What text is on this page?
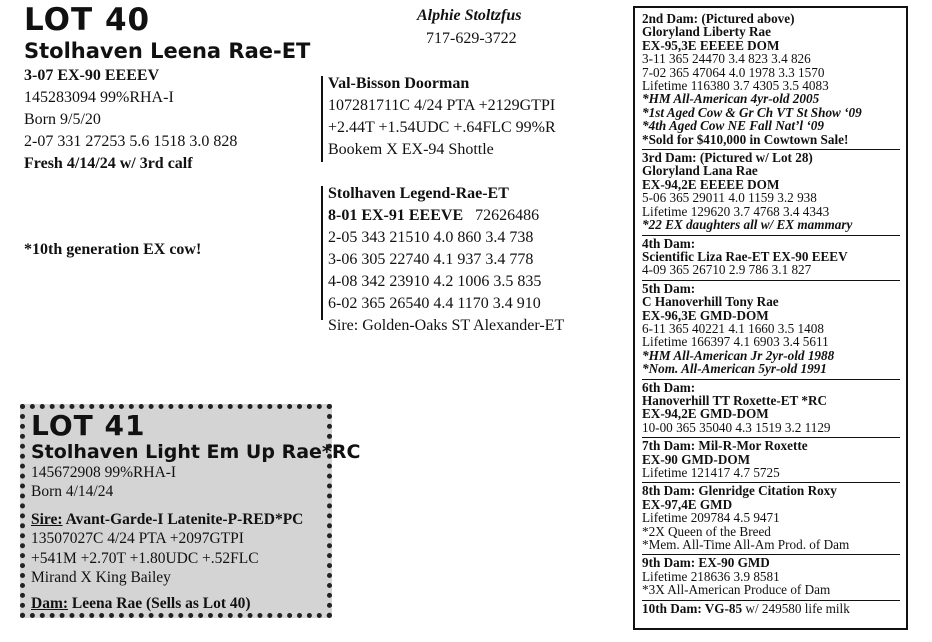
LOT 40
Stolhaven Leena Rae-ET
3-07 EX-90 EEEEV
145283094 99%RHA-I
Born 9/5/20
2-07 331 27253 5.6 1518 3.0 828
Fresh 4/14/24 w/ 3rd calf
*10th generation EX cow!
Alphie Stoltzfus
717-629-3722
Val-Bisson Doorman
107281711C 4/24 PTA +2129GTPI
+2.44T +1.54UDC +.64FLC 99%R
Bookem X EX-94 Shottle
Stolhaven Legend-Rae-ET
8-01 EX-91 EEEVE 72626486
2-05 343 21510 4.0 860 3.4 738
3-06 305 22740 4.1 937 3.4 778
4-08 342 23910 4.2 1006 3.5 835
6-02 365 26540 4.4 1170 3.4 910
Sire: Golden-Oaks ST Alexander-ET
2nd Dam: (Pictured above)
Gloryland Liberty Rae
EX-95,3E EEEEE DOM
3-11 365 24470 3.4 823 3.4 826
7-02 365 47064 4.0 1978 3.3 1570
Lifetime 116380 3.7 4305 3.5 4083
*HM All-American 4yr-old 2005
*1st Aged Cow & Gr Ch VT St Show ‘09
*4th Aged Cow NE Fall Nat’l ‘09
*Sold for $410,000 in Cowtown Sale!
3rd Dam: (Pictured w/ Lot 28)
Gloryland Lana Rae
EX-94,2E EEEEE DOM
5-06 365 29011 4.0 1159 3.2 938
Lifetime 129620 3.7 4768 3.4 4343
*22 EX daughters all w/ EX mammary
4th Dam:
Scientific Liza Rae-ET EX-90 EEEV
4-09 365 26710 2.9 786 3.1 827
5th Dam:
C Hanoverhill Tony Rae
EX-96,3E GMD-DOM
6-11 365 40221 4.1 1660 3.5 1408
Lifetime 166397 4.1 6903 3.4 5611
*HM All-American Jr 2yr-old 1988
*Nom. All-American 5yr-old 1991
6th Dam:
Hanoverhill TT Roxette-ET *RC
EX-94,2E GMD-DOM
10-00 365 35040 4.3 1519 3.2 1129
7th Dam: Mil-R-Mor Roxette
EX-90 GMD-DOM
Lifetime 121417 4.7 5725
8th Dam: Glenridge Citation Roxy
EX-97,4E GMD
Lifetime 209784 4.5 9471
*2X Queen of the Breed
*Mem. All-Time All-Am Prod. of Dam
9th Dam: EX-90 GMD
Lifetime 218636 3.9 8581
*3X All-American Produce of Dam
10th Dam: VG-85 w/ 249580 life milk
LOT 41
Stolhaven Light Em Up Rae*RC
145672908 99%RHA-I
Born 4/14/24
Sire: Avant-Garde-I Latenite-P-RED*PC
13507027C 4/24 PTA +2097GTPI
+541M +2.70T +1.80UDC +.52FLC
Mirand X King Bailey
Dam: Leena Rae (Sells as Lot 40)
